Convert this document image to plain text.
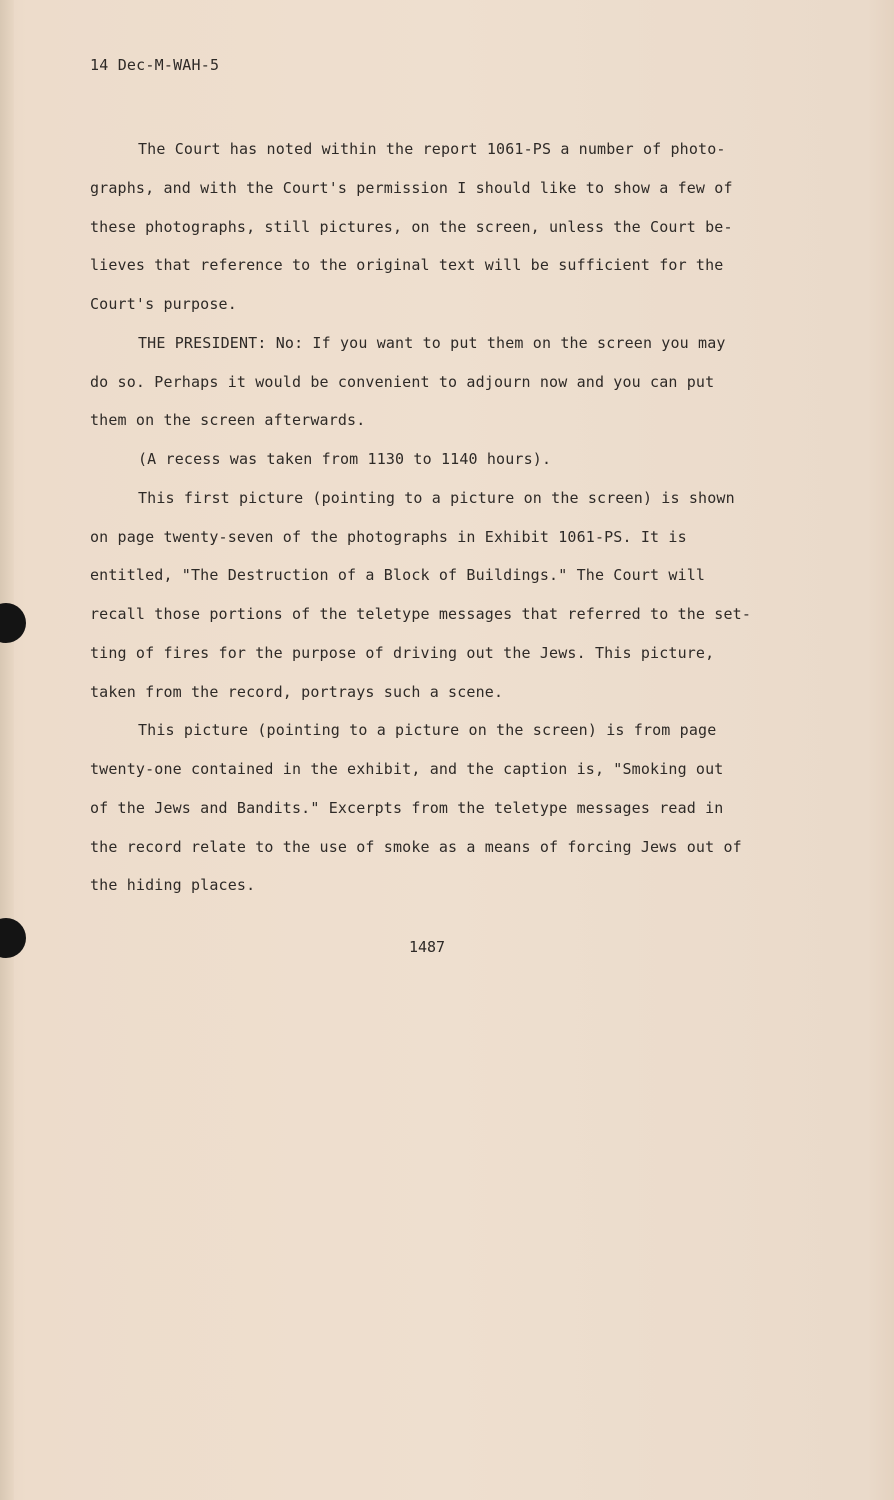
14 Dec-M-WAH-5
The Court has noted within the report 1061-PS a number of photo-
graphs, and with the Court's permission I should like to show a few of
these photographs, still pictures, on the screen, unless the Court be-
lieves that reference to the original text will be sufficient for the
Court's purpose.
THE PRESIDENT: No: If you want to put them on the screen you may
do so. Perhaps it would be convenient to adjourn now and you can put
them on the screen afterwards.
(A recess was taken from 1130 to 1140 hours).
This first picture (pointing to a picture on the screen) is shown
on page twenty-seven of the photographs in Exhibit 1061-PS. It is
entitled, "The Destruction of a Block of Buildings." The Court will
recall those portions of the teletype messages that referred to the set-
ting of fires for the purpose of driving out the Jews. This picture,
taken from the record, portrays such a scene.
This picture (pointing to a picture on the screen) is from page
twenty-one contained in the exhibit, and the caption is, "Smoking out
of the Jews and Bandits." Excerpts from the teletype messages read in
the record relate to the use of smoke as a means of forcing Jews out of
the hiding places.
1487
